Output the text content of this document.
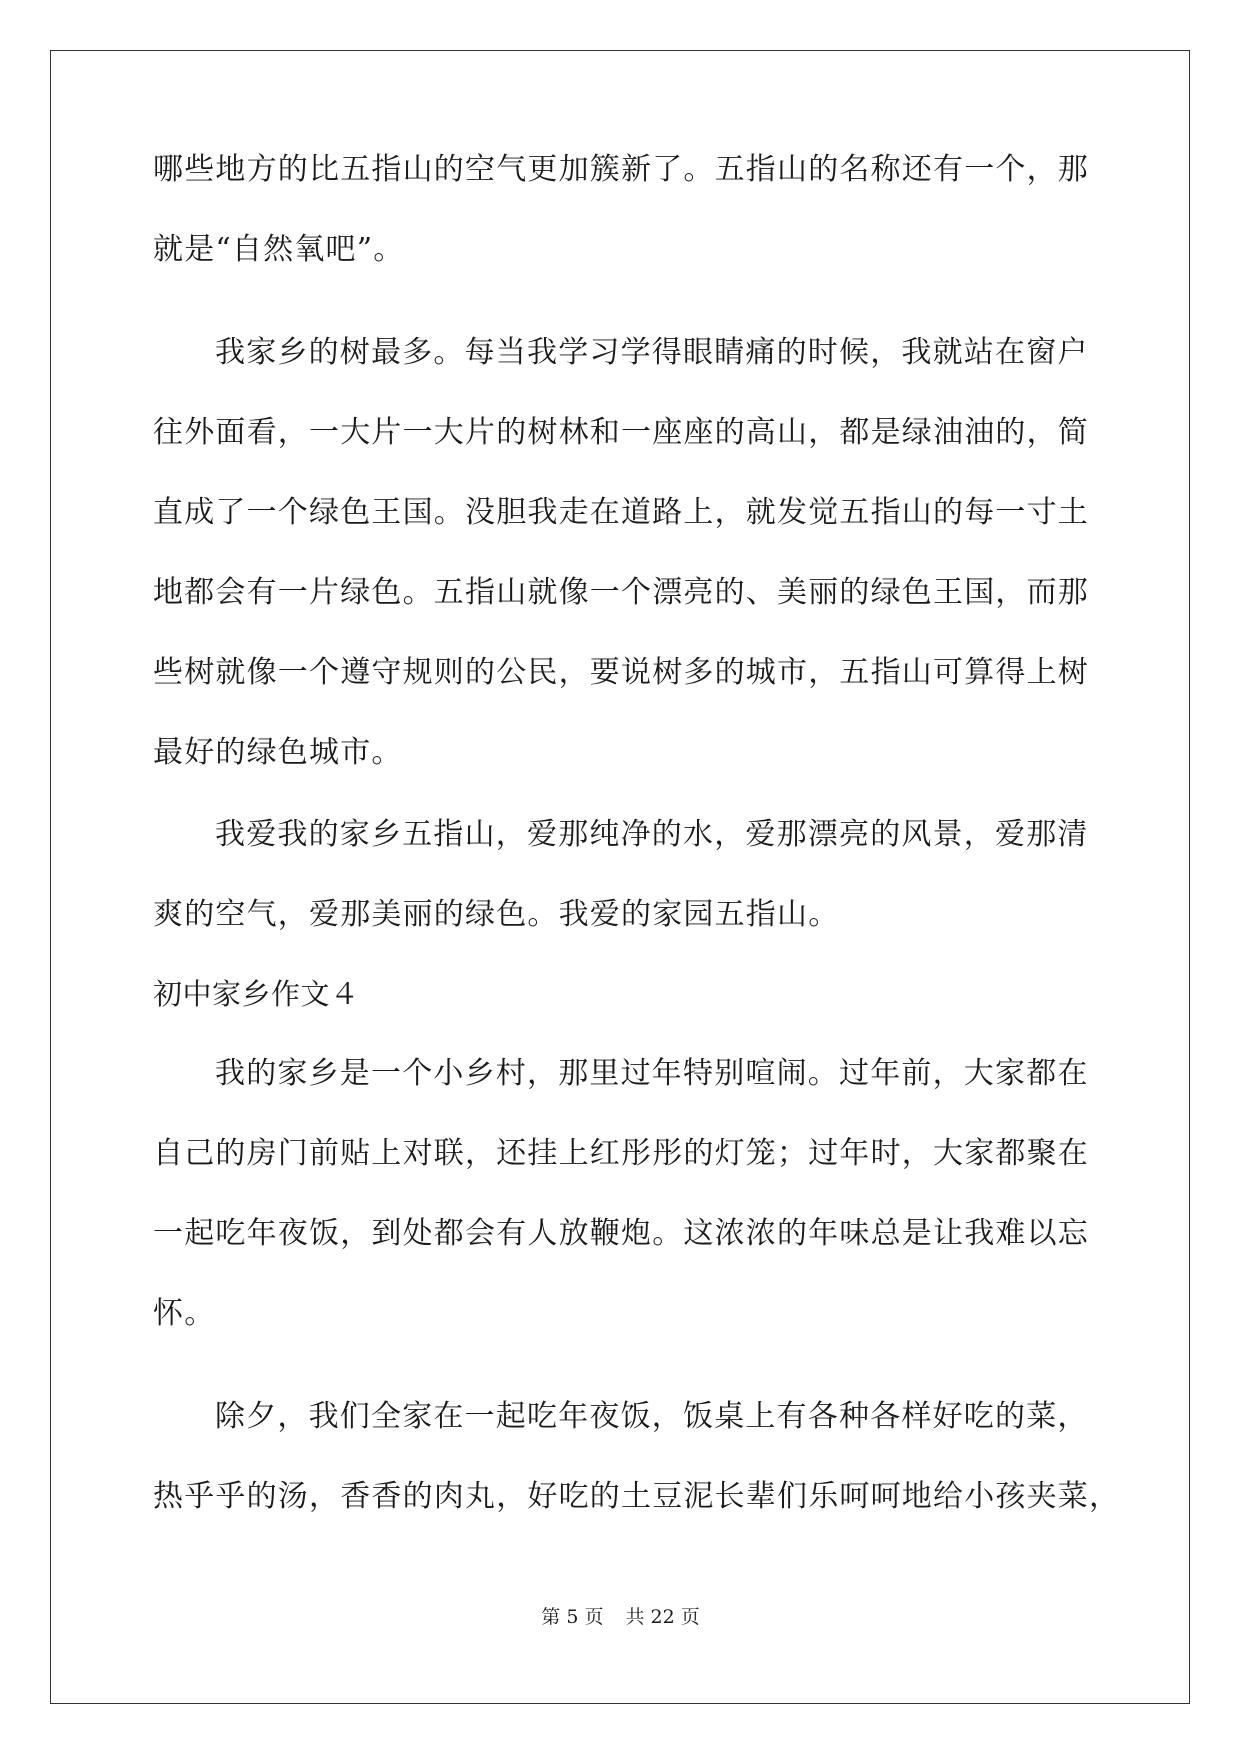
哪些地方的比五指山的空气更加簇新了。五指山的名称还有一个，那
就是“自然氧吧”。
我家乡的树最多。每当我学习学得眼睛痛的时候，我就站在窗户
往外面看，一大片一大片的树林和一座座的高山，都是绿油油的，简
直成了一个绿色王国。没胆我走在道路上，就发觉五指山的每一寸土
地都会有一片绿色。五指山就像一个漂亮的、美丽的绿色王国，而那
些树就像一个遵守规则的公民，要说树多的城市，五指山可算得上树
最好的绿色城市。
我爱我的家乡五指山，爱那纯净的水，爱那漂亮的风景，爱那清
爽的空气，爱那美丽的绿色。我爱的家园五指山。
初中家乡作文４
我的家乡是一个小乡村，那里过年特别喧闹。过年前，大家都在
自己的房门前贴上对联，还挂上红彤彤的灯笼；过年时，大家都聚在
一起吃年夜饭，到处都会有人放鞭炮。这浓浓的年味总是让我难以忘
怀。
除夕，我们全家在一起吃年夜饭，饭桌上有各种各样好吃的菜，
热乎乎的汤，香香的肉丸，好吃的土豆泥长辈们乐呵呵地给小孩夹菜，
第 5 页 共 22 页
